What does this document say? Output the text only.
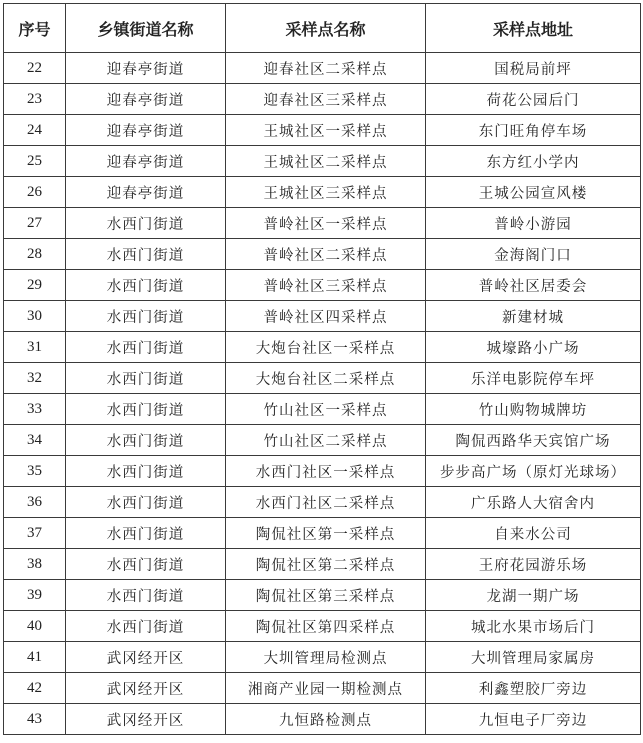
序号	乡镇街道名称	采样点名称	采样点地址
22	迎春亭街道	迎春社区二采样点	国税局前坪
23	迎春亭街道	迎春社区三采样点	荷花公园后门
24	迎春亭街道	王城社区一采样点	东门旺角停车场
25	迎春亭街道	王城社区二采样点	东方红小学内
26	迎春亭街道	王城社区三采样点	王城公园宣风楼
27	水西门街道	普岭社区一采样点	普岭小游园
28	水西门街道	普岭社区二采样点	金海阁门口
29	水西门街道	普岭社区三采样点	普岭社区居委会
30	水西门街道	普岭社区四采样点	新建材城
31	水西门街道	大炮台社区一采样点	城壕路小广场
32	水西门街道	大炮台社区二采样点	乐洋电影院停车坪
33	水西门街道	竹山社区一采样点	竹山购物城牌坊
34	水西门街道	竹山社区二采样点	陶侃西路华天宾馆广场
35	水西门街道	水西门社区一采样点	步步高广场（原灯光球场）
36	水西门街道	水西门社区二采样点	广乐路人大宿舍内
37	水西门街道	陶侃社区第一采样点	自来水公司
38	水西门街道	陶侃社区第二采样点	王府花园游乐场
39	水西门街道	陶侃社区第三采样点	龙湖一期广场
40	水西门街道	陶侃社区第四采样点	城北水果市场后门
41	武冈经开区	大圳管理局检测点	大圳管理局家属房
42	武冈经开区	湘商产业园一期检测点	利鑫塑胶厂旁边
43	武冈经开区	九恒路检测点	九恒电子厂旁边
